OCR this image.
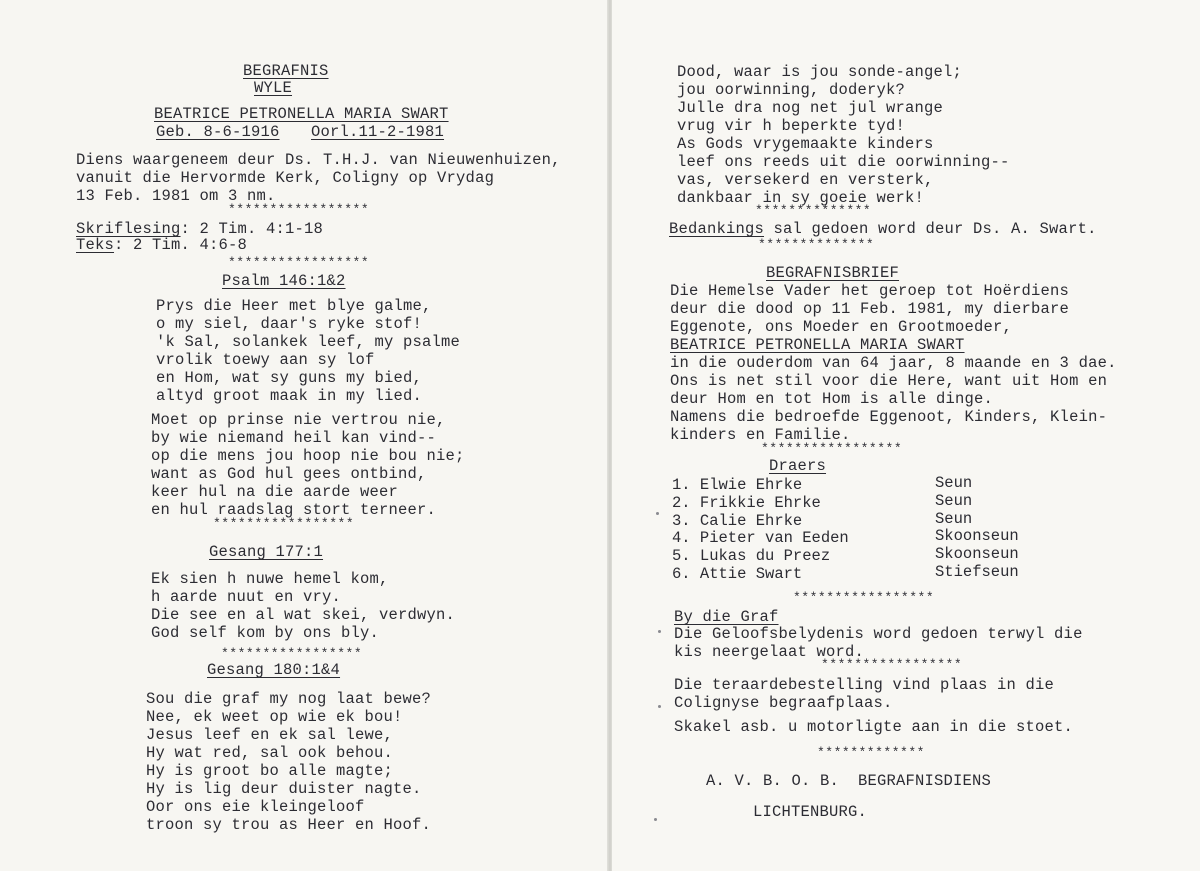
BEGRAFNIS
WYLE
BEATRICE PETRONELLA MARIA SWART
Geb. 8-6-1916 Oorl.11-2-1981
Diens waargeneem deur Ds. T.H.J. van Nieuwenhuizen,
vanuit die Hervormde Kerk, Coligny op Vrydag
13 Feb. 1981 om 3 nm.
*****************
Skriflesing: 2 Tim. 4:1-18
Teks: 2 Tim. 4:6-8
*****************
Psalm 146:1&2
Prys die Heer met blye galme,
o my siel, daar's ryke stof!
'k Sal, solankek leef, my psalme
vrolik toewy aan sy lof
en Hom, wat sy guns my bied,
altyd groot maak in my lied.
Moet op prinse nie vertrou nie,
by wie niemand heil kan vind--
op die mens jou hoop nie bou nie;
want as God hul gees ontbind,
keer hul na die aarde weer
en hul raadslag stort terneer.
*****************
Gesang 177:1
Ek sien h nuwe hemel kom,
h aarde nuut en vry.
Die see en al wat skei, verdwyn.
God self kom by ons bly.
*****************
Gesang 180:1&4
Sou die graf my nog laat bewe?
Nee, ek weet op wie ek bou!
Jesus leef en ek sal lewe,
Hy wat red, sal ook behou.
Hy is groot bo alle magte;
Hy is lig deur duister nagte.
Oor ons eie kleingeloof
troon sy trou as Heer en Hoof.
Dood, waar is jou sonde-angel;
jou oorwinning, doderyk?
Julle dra nog net jul wrange
vrug vir h beperkte tyd!
As Gods vrygemaakte kinders
leef ons reeds uit die oorwinning--
vas, versekerd en versterk,
dankbaar in sy goeie werk!
**************
Bedankings sal gedoen word deur Ds. A. Swart.
**************
BEGRAFNISBRIEF
Die Hemelse Vader het geroep tot Hoërdiens
deur die dood op 11 Feb. 1981, my dierbare
Eggenote, ons Moeder en Grootmoeder,
BEATRICE PETRONELLA MARIA SWART
in die ouderdom van 64 jaar, 8 maande en 3 dae.
Ons is net stil voor die Here, want uit Hom en
deur Hom en tot Hom is alle dinge.
Namens die bedroefde Eggenoot, Kinders, Klein-
kinders en Familie.
*****************
Draers
1. Elwie Ehrke	Seun
2. Frikkie Ehrke	Seun
3. Calie Ehrke	Seun
4. Pieter van Eeden	Skoonseun
5. Lukas du Preez	Skoonseun
6. Attie Swart	Stiefseun
*****************
By die Graf
Die Geloofsbelydenis word gedoen terwyl die
kis neergelaat word.
*****************
Die teraardebestelling vind plaas in die
Colignyse begraafplaas.
Skakel asb. u motorligte aan in die stoet.
*************
A. V. B. O. B.  BEGRAFNISDIENS
LICHTENBURG.
